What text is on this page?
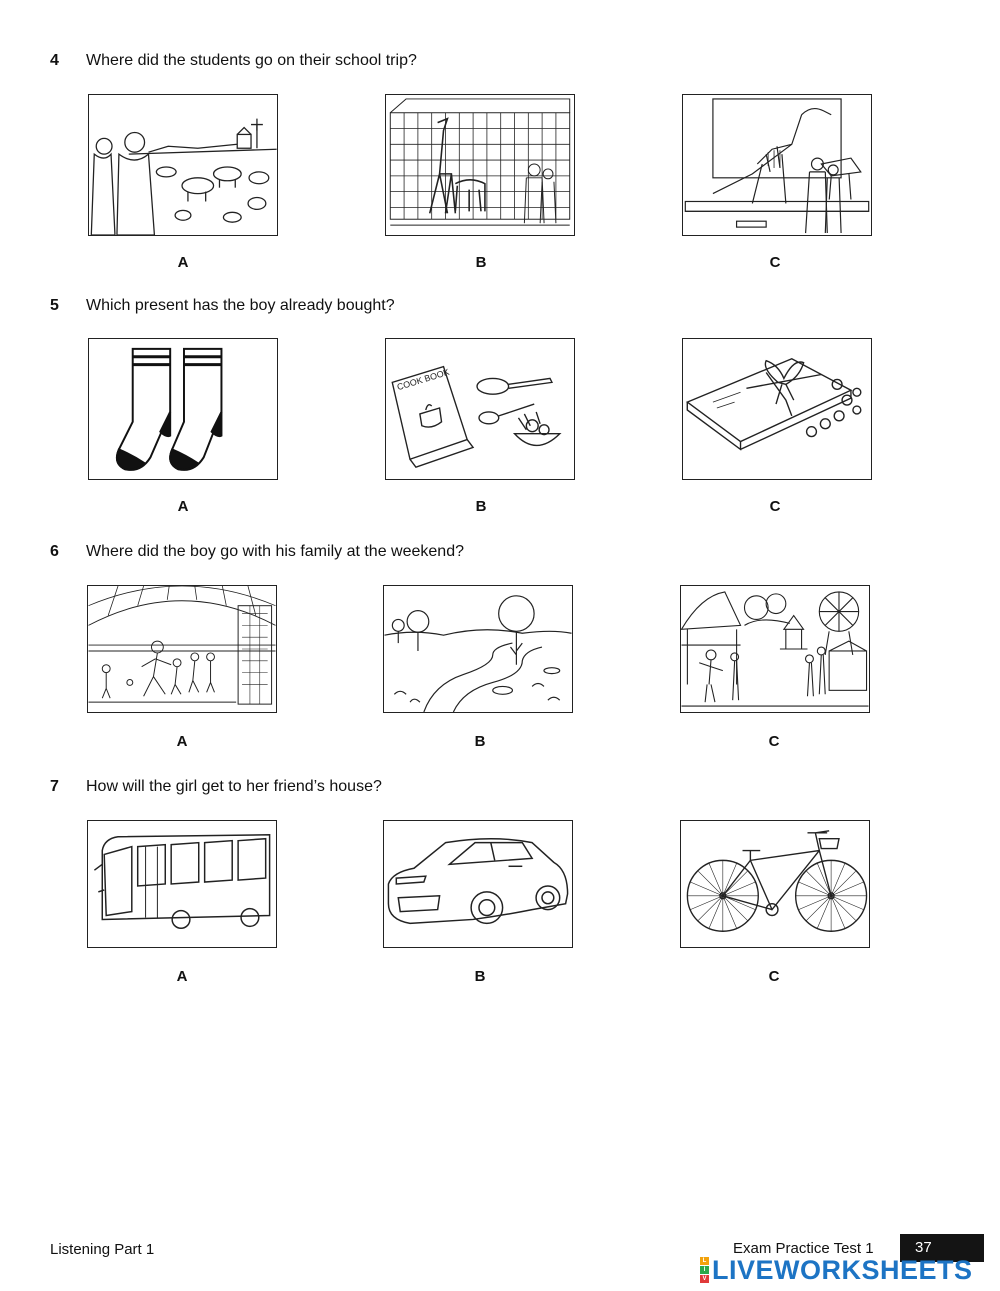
4 Where did the students go on their school trip?
A	B	C
5 Which present has the boy already bought?
COOK BOOK
A	B	C
6 Where did the boy go with his family at the weekend?
A	B	C
7 How will the girl get to her friend’s house?
A	B	C
Listening Part 1	Exam Practice Test 1	37
L
I
V LIVEWORKSHEETS
